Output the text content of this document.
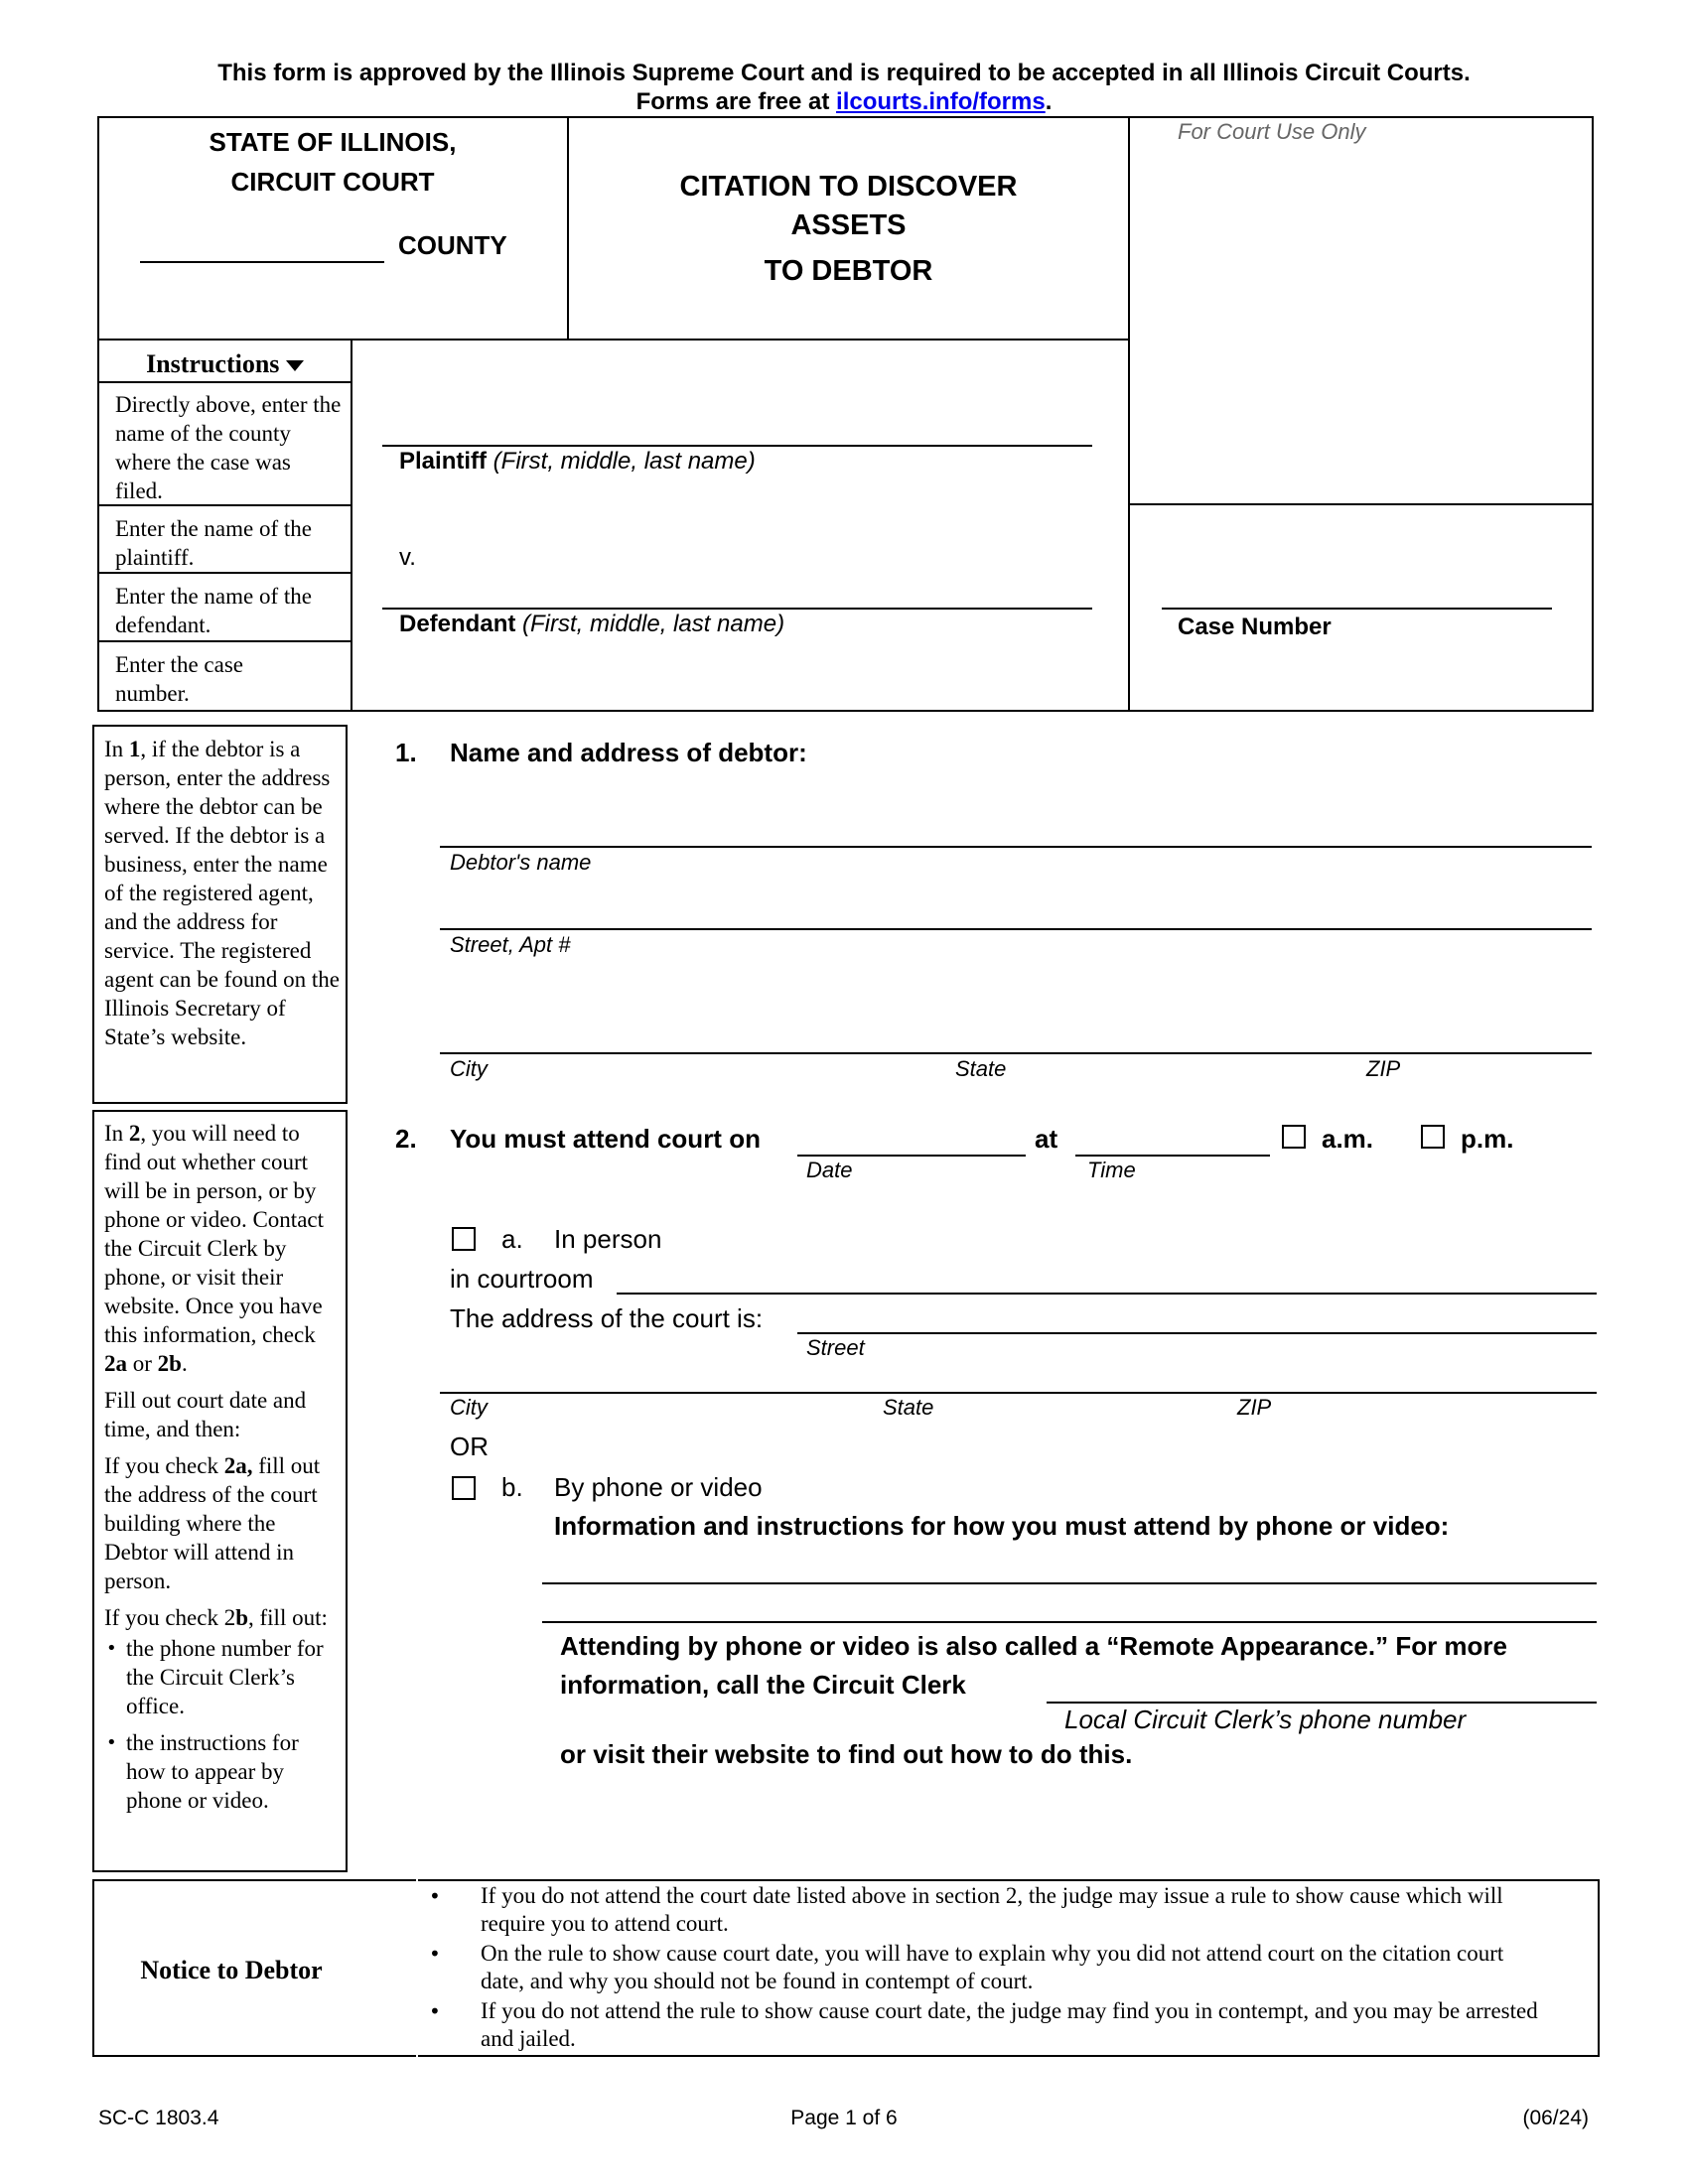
This form is approved by the Illinois Supreme Court and is required to be accepted in all Illinois Circuit Courts.
Forms are free at ilcourts.info/forms.
STATE OF ILLINOIS,
CIRCUIT COURT
COUNTY
CITATION TO DISCOVER
ASSETS
TO DEBTOR
For Court Use Only
Instructions
Directly above, enter the name of the county where the case was filed.
Enter the name of the plaintiff.
Enter the name of the defendant.
Enter the case number.
Plaintiff (First, middle, last name)
v.
Defendant (First, middle, last name)	Case Number
In 1, if the debtor is a person, enter the address where the debtor can be served. If the debtor is a business, enter the name of the registered agent, and the address for service. The registered agent can be found on the Illinois Secretary of State’s website.
In 2, you will need to find out whether court will be in person, or by phone or video. Contact the Circuit Clerk by phone, or visit their website. Once you have this information, check 2a or 2b.
Fill out court date and time, and then:
If you check 2a, fill out the address of the court building where the Debtor will attend in person.
If you check 2b, fill out:
• the phone number for the Circuit Clerk’s office.
• the instructions for how to appear by phone or video.
1. Name and address of debtor:
Debtor's name
Street, Apt #
City	State	ZIP
2. You must attend court on
Date
at
Time
a.m.	p.m.
a. In person
in courtroom
The address of the court is:
Street
City	State	ZIP
OR
b. By phone or video
Information and instructions for how you must attend by phone or video:
Attending by phone or video is also called a “Remote Appearance.” For more
information, call the Circuit Clerk
Local Circuit Clerk’s phone number
or visit their website to find out how to do this.
Notice to Debtor
• If you do not attend the court date listed above in section 2, the judge may issue a rule to show cause which will require you to attend court.
• On the rule to show cause court date, you will have to explain why you did not attend court on the citation court date, and why you should not be found in contempt of court.
• If you do not attend the rule to show cause court date, the judge may find you in contempt, and you may be arrested and jailed.
SC-C 1803.4	Page 1 of 6	(06/24)
